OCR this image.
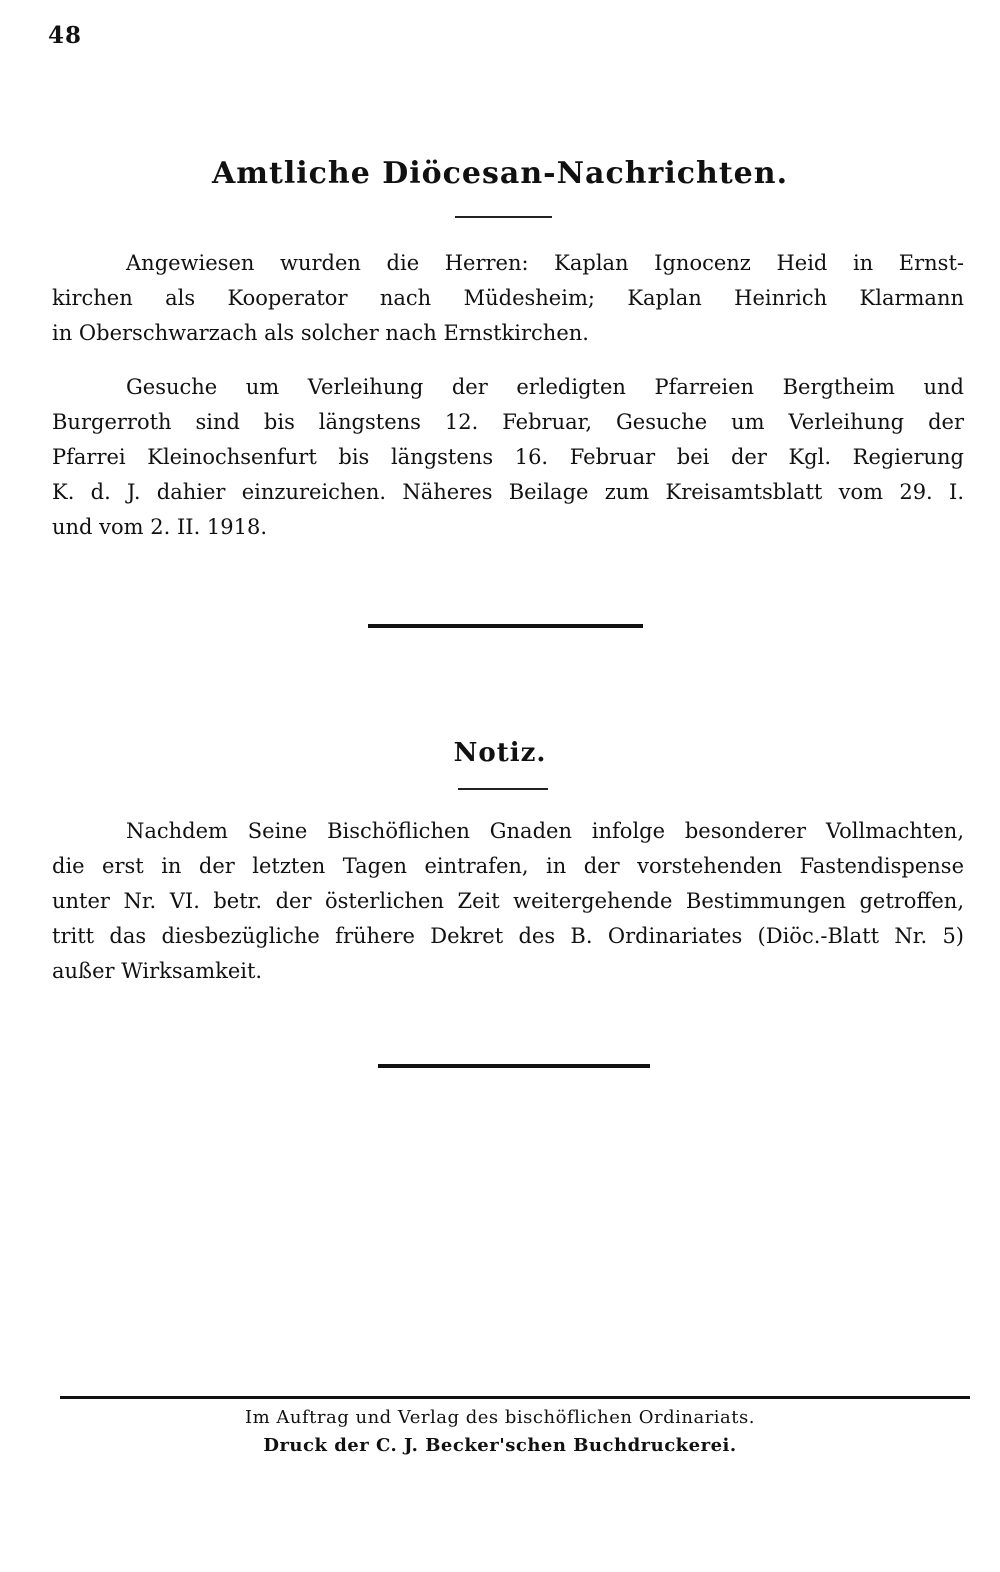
48
Amtliche Diöcesan-Nachrichten.
Angewiesen wurden die Herren: Kaplan Ignocenz Heid in Ernst-
kirchen als Kooperator nach Müdesheim; Kaplan Heinrich Klarmann
in Oberschwarzach als solcher nach Ernstkirchen.
Gesuche um Verleihung der erledigten Pfarreien Bergtheim und
Burgerroth sind bis längstens 12. Februar, Gesuche um Verleihung der
Pfarrei Kleinochsenfurt bis längstens 16. Februar bei der Kgl. Regierung
K. d. J. dahier einzureichen. Näheres Beilage zum Kreisamtsblatt vom 29. I.
und vom 2. II. 1918.
Notiz.
Nachdem Seine Bischöflichen Gnaden infolge besonderer Vollmachten,
die erst in der letzten Tagen eintrafen, in der vorstehenden Fastendispense
unter Nr. VI. betr. der österlichen Zeit weitergehende Bestimmungen getroffen,
tritt das diesbezügliche frühere Dekret des B. Ordinariates (Diöc.-Blatt Nr. 5)
außer Wirksamkeit.
Im Auftrag und Verlag des bischöflichen Ordinariats.
Druck der C. J. Becker'schen Buchdruckerei.
